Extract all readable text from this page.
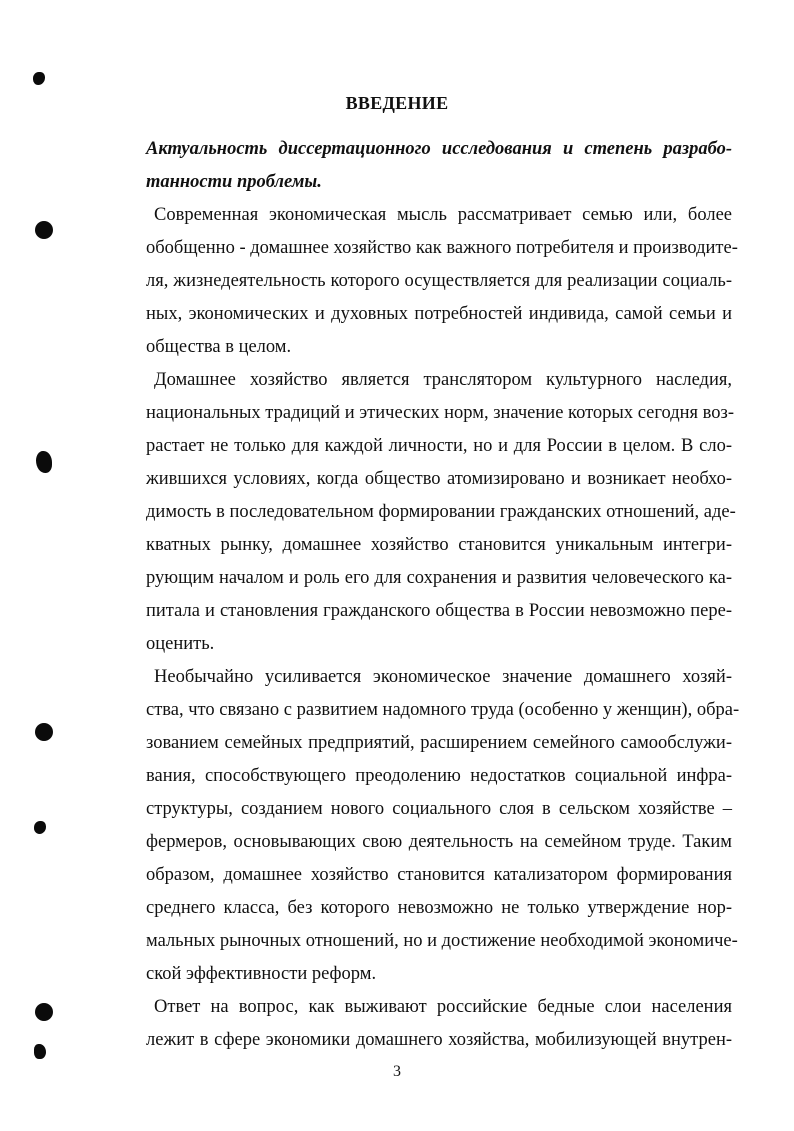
ВВЕДЕНИЕ
Актуальность диссертационного исследования и степень разрабо-
танности проблемы.
Современная экономическая мысль рассматривает семью или, более
обобщенно - домашнее хозяйство как важного потребителя и производите-
ля, жизнедеятельность которого осуществляется для реализации социаль-
ных, экономических и духовных потребностей индивида, самой семьи и
общества в целом.
Домашнее хозяйство является транслятором культурного наследия,
национальных традиций и этических норм, значение которых сегодня воз-
растает не только для каждой личности, но и для России в целом. В сло-
жившихся условиях, когда общество атомизировано и возникает необхо-
димость в последовательном формировании гражданских отношений, аде-
кватных рынку, домашнее хозяйство становится уникальным интегри-
рующим началом и роль его для сохранения и развития человеческого ка-
питала и становления гражданского общества в России невозможно пере-
оценить.
Необычайно усиливается экономическое значение домашнего хозяй-
ства, что связано с развитием надомного труда (особенно у женщин), обра-
зованием семейных предприятий, расширением семейного самообслужи-
вания, способствующего преодолению недостатков социальной инфра-
структуры, созданием нового социального слоя в сельском хозяйстве –
фермеров, основывающих свою деятельность на семейном труде. Таким
образом, домашнее хозяйство становится катализатором формирования
среднего класса, без которого невозможно не только утверждение нор-
мальных рыночных отношений, но и достижение необходимой экономиче-
ской эффективности реформ.
Ответ на вопрос, как выживают российские бедные слои населения
лежит в сфере экономики домашнего хозяйства, мобилизующей внутрен-
3
